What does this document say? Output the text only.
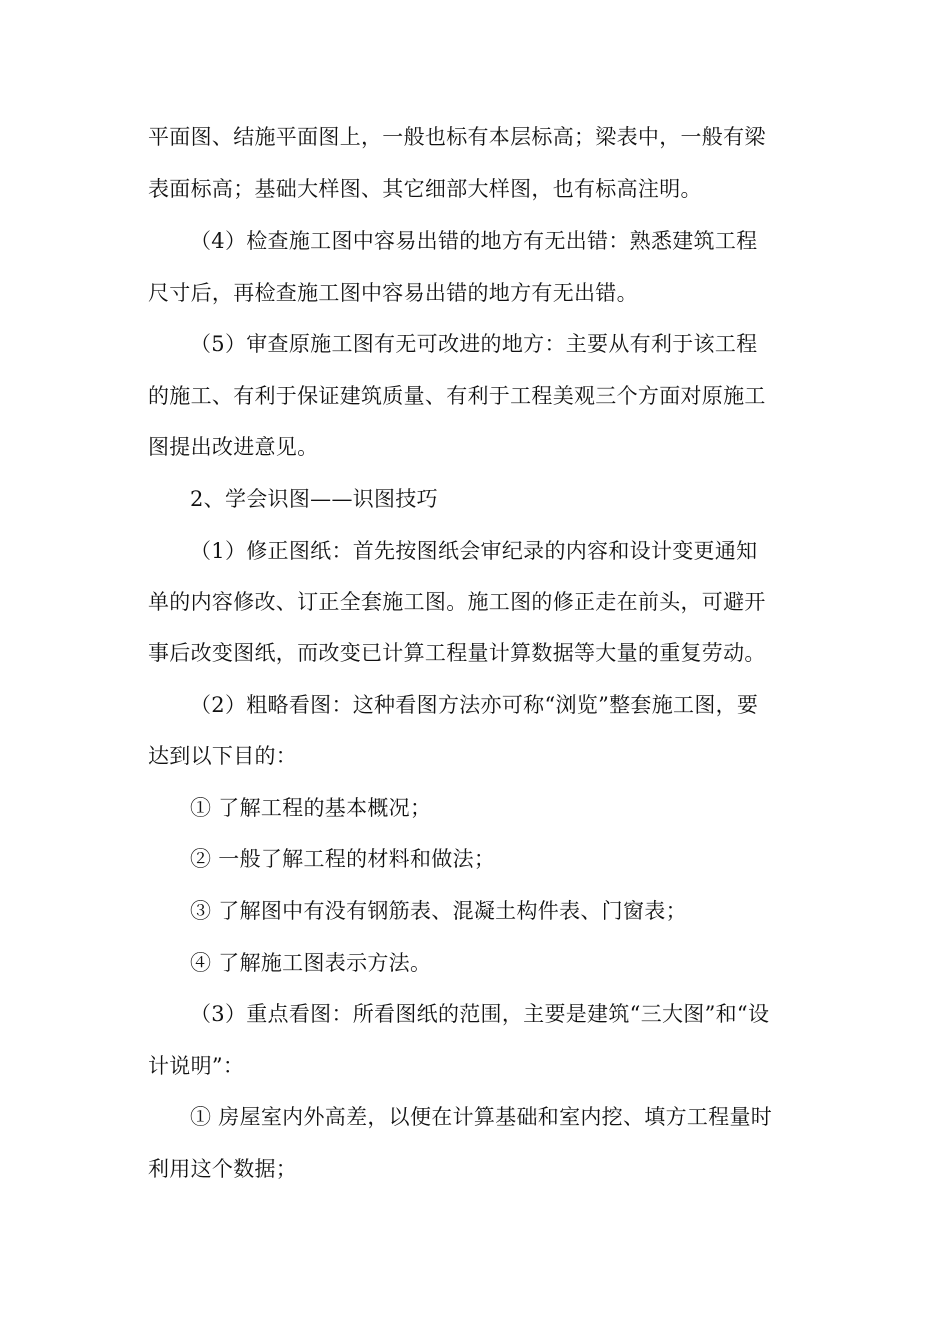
平面图、结施平面图上，一般也标有本层标高；梁表中，一般有梁
表面标高；基础大样图、其它细部大样图，也有标高注明。
（4）检查施工图中容易出错的地方有无出错：熟悉建筑工程
尺寸后，再检查施工图中容易出错的地方有无出错。
（5）审查原施工图有无可改进的地方：主要从有利于该工程
的施工、有利于保证建筑质量、有利于工程美观三个方面对原施工
图提出改进意见。
2、学会识图——识图技巧
（1）修正图纸：首先按图纸会审纪录的内容和设计变更通知
单的内容修改、订正全套施工图。施工图的修正走在前头，可避开
事后改变图纸，而改变已计算工程量计算数据等大量的重复劳动。
（2）粗略看图：这种看图方法亦可称“浏览”整套施工图，要
达到以下目的：
① 了解工程的基本概况；
② 一般了解工程的材料和做法；
③ 了解图中有没有钢筋表、混凝土构件表、门窗表；
④ 了解施工图表示方法。
（3）重点看图：所看图纸的范围，主要是建筑“三大图”和“设
计说明”：
① 房屋室内外高差，以便在计算基础和室内挖、填方工程量时
利用这个数据；
